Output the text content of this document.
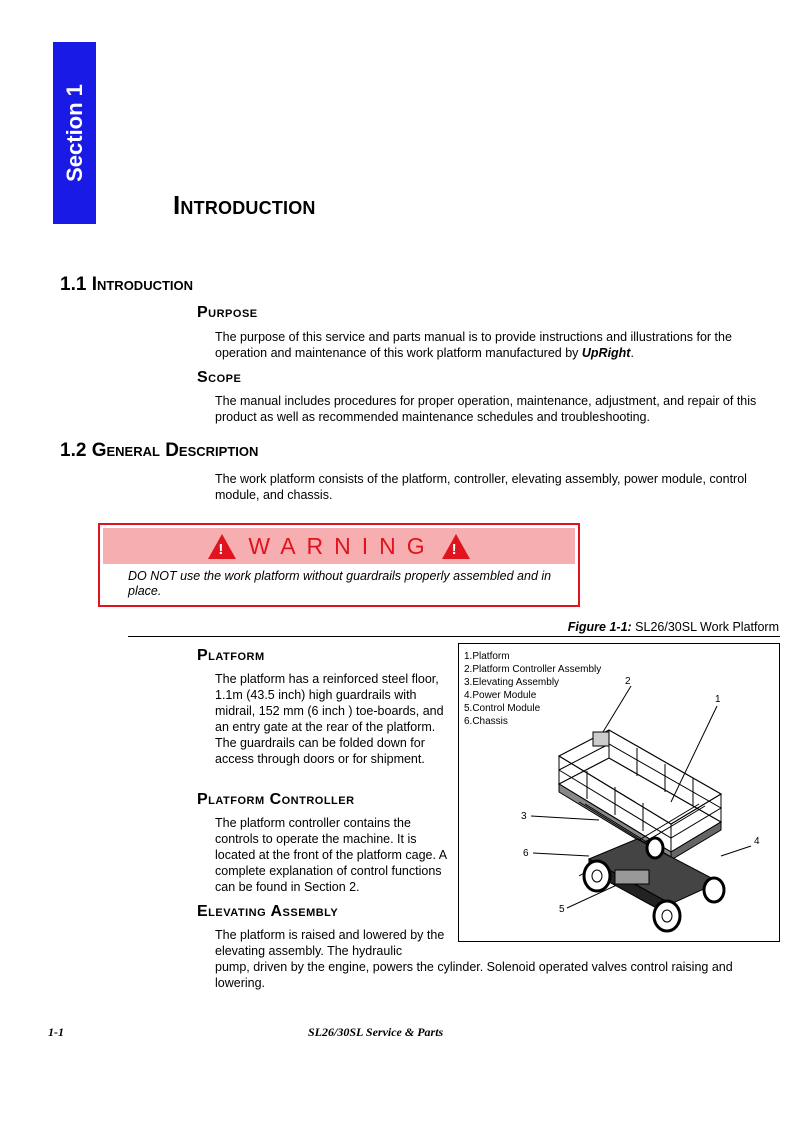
Section 1
Introduction
1.1 Introduction
Purpose
The purpose of this service and parts manual is to provide instructions and illustrations for the operation and maintenance of this work platform manufactured by UpRight.
Scope
The manual includes procedures for proper operation, maintenance, adjustment, and repair of this product as well as recommended maintenance schedules and troubleshooting.
1.2 General Description
The work platform consists of the platform, controller, elevating assembly, power module, control module, and chassis.
! WARNING !
DO NOT use the work platform without guardrails properly assembled and in place.
Figure 1-1: SL26/30SL Work Platform
1.Platform
2.Platform Controller Assembly
3.Elevating Assembly
4.Power Module
5.Control Module
6.Chassis
2
1
3
4
5
6
Platform
The platform has a reinforced steel floor, 1.1m (43.5 inch) high guardrails with midrail, 152 mm (6 inch ) toe-boards, and an entry gate at the rear of the platform. The guardrails can be folded down for access through doors or for shipment.
Platform Controller
The platform controller contains the controls to operate the machine. It is located at the front of the platform cage. A complete explanation of control functions can be found in Section 2.
Elevating Assembly
The platform is raised and lowered by the elevating assembly. The hydraulic
pump, driven by the engine, powers the cylinder. Solenoid operated valves control raising and lowering.
1-1	SL26/30SL Service & Parts
